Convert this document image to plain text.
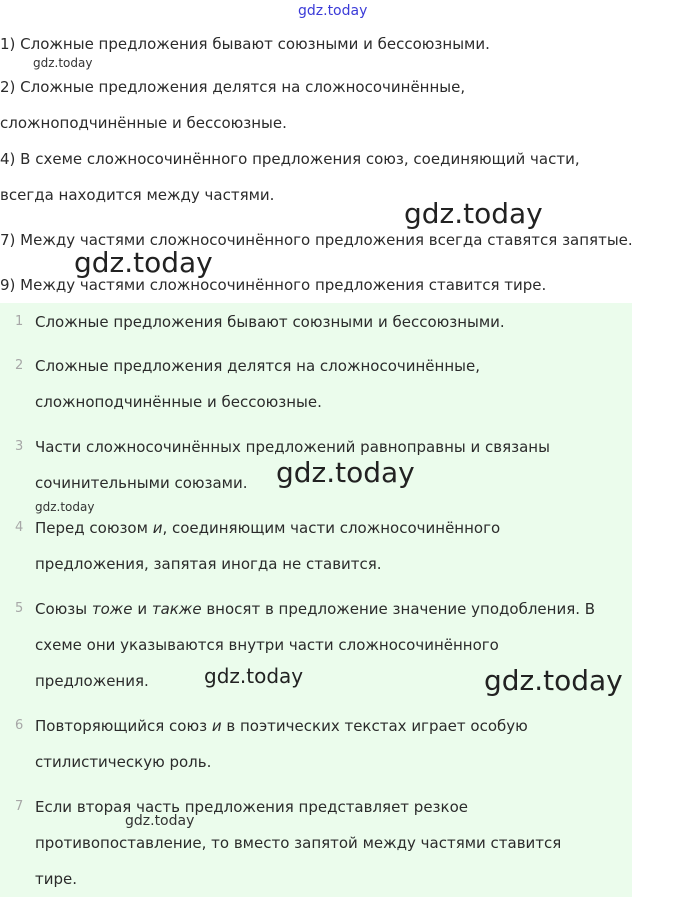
gdz.today
1) Сложные предложения бывают союзными и бессоюзными.
2) Сложные предложения делятся на сложносочинённые,
сложноподчинённые и бессоюзные.
4) В схеме сложносочинённого предложения союз, соединяющий части,
всегда находится между частями.
7) Между частями сложносочинённого предложения всегда ставятся запятые.
9) Между частями сложносочинённого предложения ставится тире.
1 Сложные предложения бывают союзными и бессоюзными.
2 Сложные предложения делятся на сложносочинённые,
сложноподчинённые и бессоюзные.
3 Части сложносочинённых предложений равноправны и связаны
сочинительными союзами.
4 Перед союзом и, соединяющим части сложносочинённого
предложения, запятая иногда не ставится.
5 Союзы тоже и также вносят в предложение значение уподобления. В
схеме они указываются внутри части сложносочинённого
предложения.
6 Повторяющийся союз и в поэтических текстах играет особую
стилистическую роль.
7 Если вторая часть предложения представляет резкое
противопоставление, то вместо запятой между частями ставится
тире.
gdz.today
gdz.today
gdz.today
gdz.today
gdz.today
gdz.today	gdz.today
gdz.today
